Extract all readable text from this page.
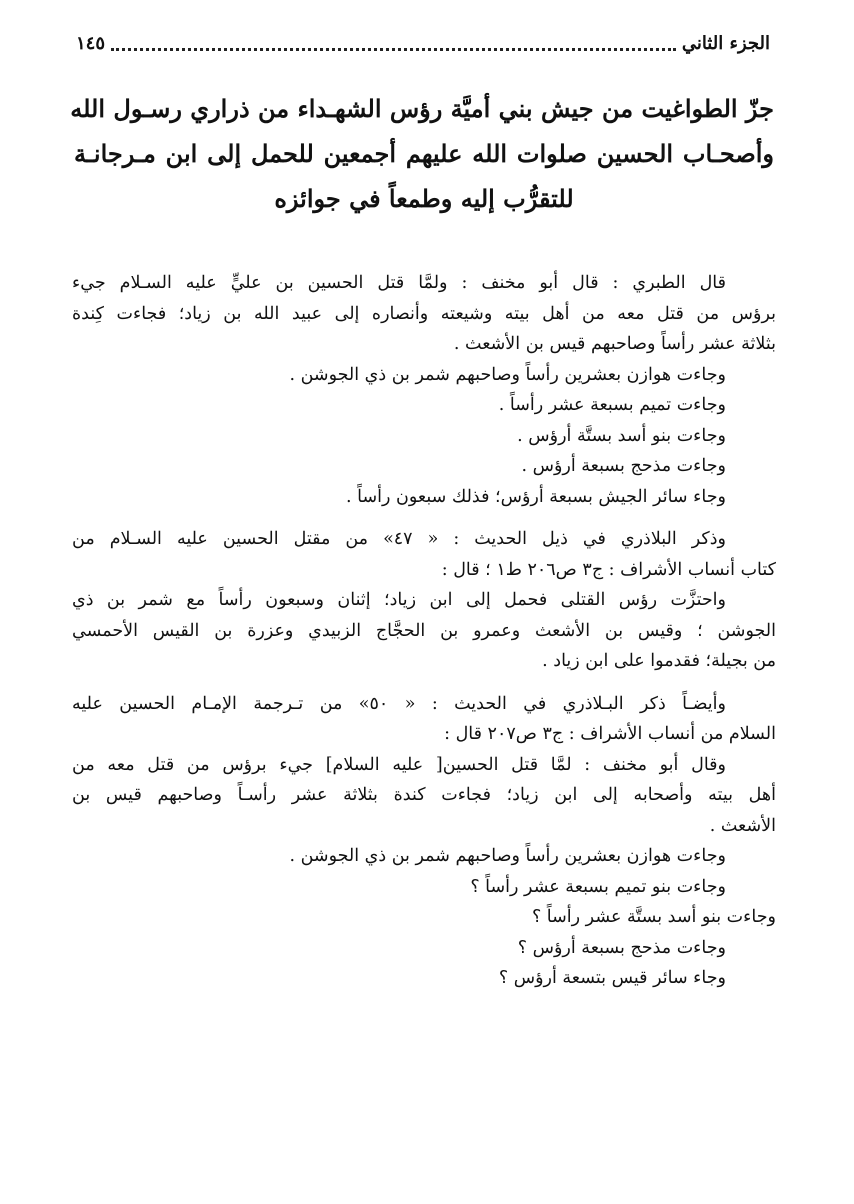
الجزء الثاني
١٤٥
جزّ الطواغيت من جيش بني أميَّة رؤس الشهـداء من ذراري رسـول الله
وأصحـاب الحسين صلوات الله عليهم أجمعين للحمل إلى ابن مـرجانـة
للتقرُّب إليه وطمعاً في جوائزه

قال الطبري : قال أبو مخنف : ولمَّا قتل الحسين بن عليٍّ عليه السـلام جيء
برؤس من قتل معه من أهل بيته وشيعته وأنصاره إلى عبيد الله بن زياد؛ فجاءت كِندة
بثلاثة عشر رأساً وصاحبهم قيس بن الأشعث .

وجاءت هوازن بعشرين رأساً وصاحبهم شمر بن ذي الجوشن .
وجاءت تميم بسبعة عشر رأساً .
وجاءت بنو أسد بستَّة أرؤس .
وجاءت مذحج بسبعة أرؤس .
وجاء سائر الجيش بسبعة أرؤس؛ فذلك سبعون رأساً .

وذكر البلاذري في ذيل الحديث : « ٤٧» من مقتل الحسين عليه السـلام من
كتاب أنساب الأشراف : ج٣ ص٢٠٦ ط١ ؛ قال :

واحتزَّت رؤس القتلى فحمل إلى ابن زياد؛ إثنان وسبعون رأساً مع شمر بن ذي
الجوشن ؛ وقيس بن الأشعث وعمرو بن الحجَّاج الزبيدي وعزرة بن القيس الأحمسي
من بجيلة؛ فقدموا على ابن زياد .

وأيضـاً ذكر البـلاذري في الحديث : « ٥٠» من تـرجمة الإمـام الحسين عليه
السلام من أنساب الأشراف : ج٣ ص٢٠٧ قال :

وقال أبو مخنف : لمَّا قتل الحسين[ عليه السلام] جيء برؤس من قتل معه من
أهل بيته وأصحابه إلى ابن زياد؛ فجاءت كندة بثلاثة عشر رأسـاً وصاحبهم قيس بن
الأشعث .

وجاءت هوازن بعشرين رأساً وصاحبهم شمر بن ذي الجوشن .
وجاءت بنو تميم بسبعة عشر رأساً ؟
وجاءت بنو أسد بستَّة عشر رأساً ؟
وجاءت مذحج بسبعة أرؤس ؟
وجاء سائر قيس بتسعة أرؤس ؟
